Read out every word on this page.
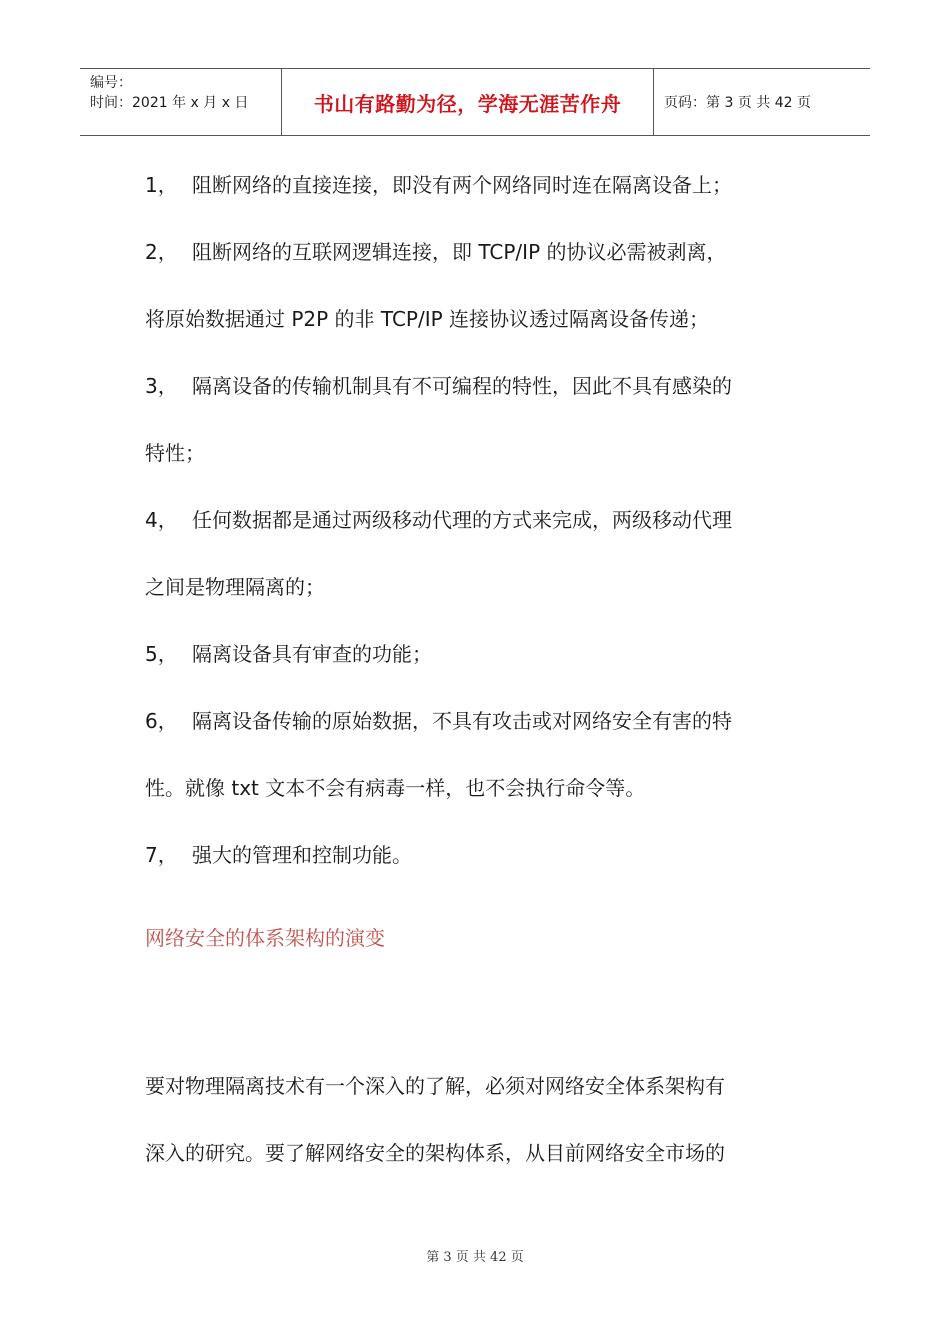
编号：
时间：2021 年 x 月 x 日	书山有路勤为径，学海无涯苦作舟	页码：第 3 页 共 42 页
1， 阻断网络的直接连接，即没有两个网络同时连在隔离设备上；
2， 阻断网络的互联网逻辑连接，即 TCP/IP 的协议必需被剥离，
将原始数据通过 P2P 的非 TCP/IP 连接协议透过隔离设备传递；
3， 隔离设备的传输机制具有不可编程的特性，因此不具有感染的
特性；
4， 任何数据都是通过两级移动代理的方式来完成，两级移动代理
之间是物理隔离的；
5， 隔离设备具有审查的功能；
6， 隔离设备传输的原始数据，不具有攻击或对网络安全有害的特
性。就像 txt 文本不会有病毒一样，也不会执行命令等。
7， 强大的管理和控制功能。
网络安全的体系架构的演变
要对物理隔离技术有一个深入的了解，必须对网络安全体系架构有
深入的研究。要了解网络安全的架构体系，从目前网络安全市场的
第 3 页 共 42 页
